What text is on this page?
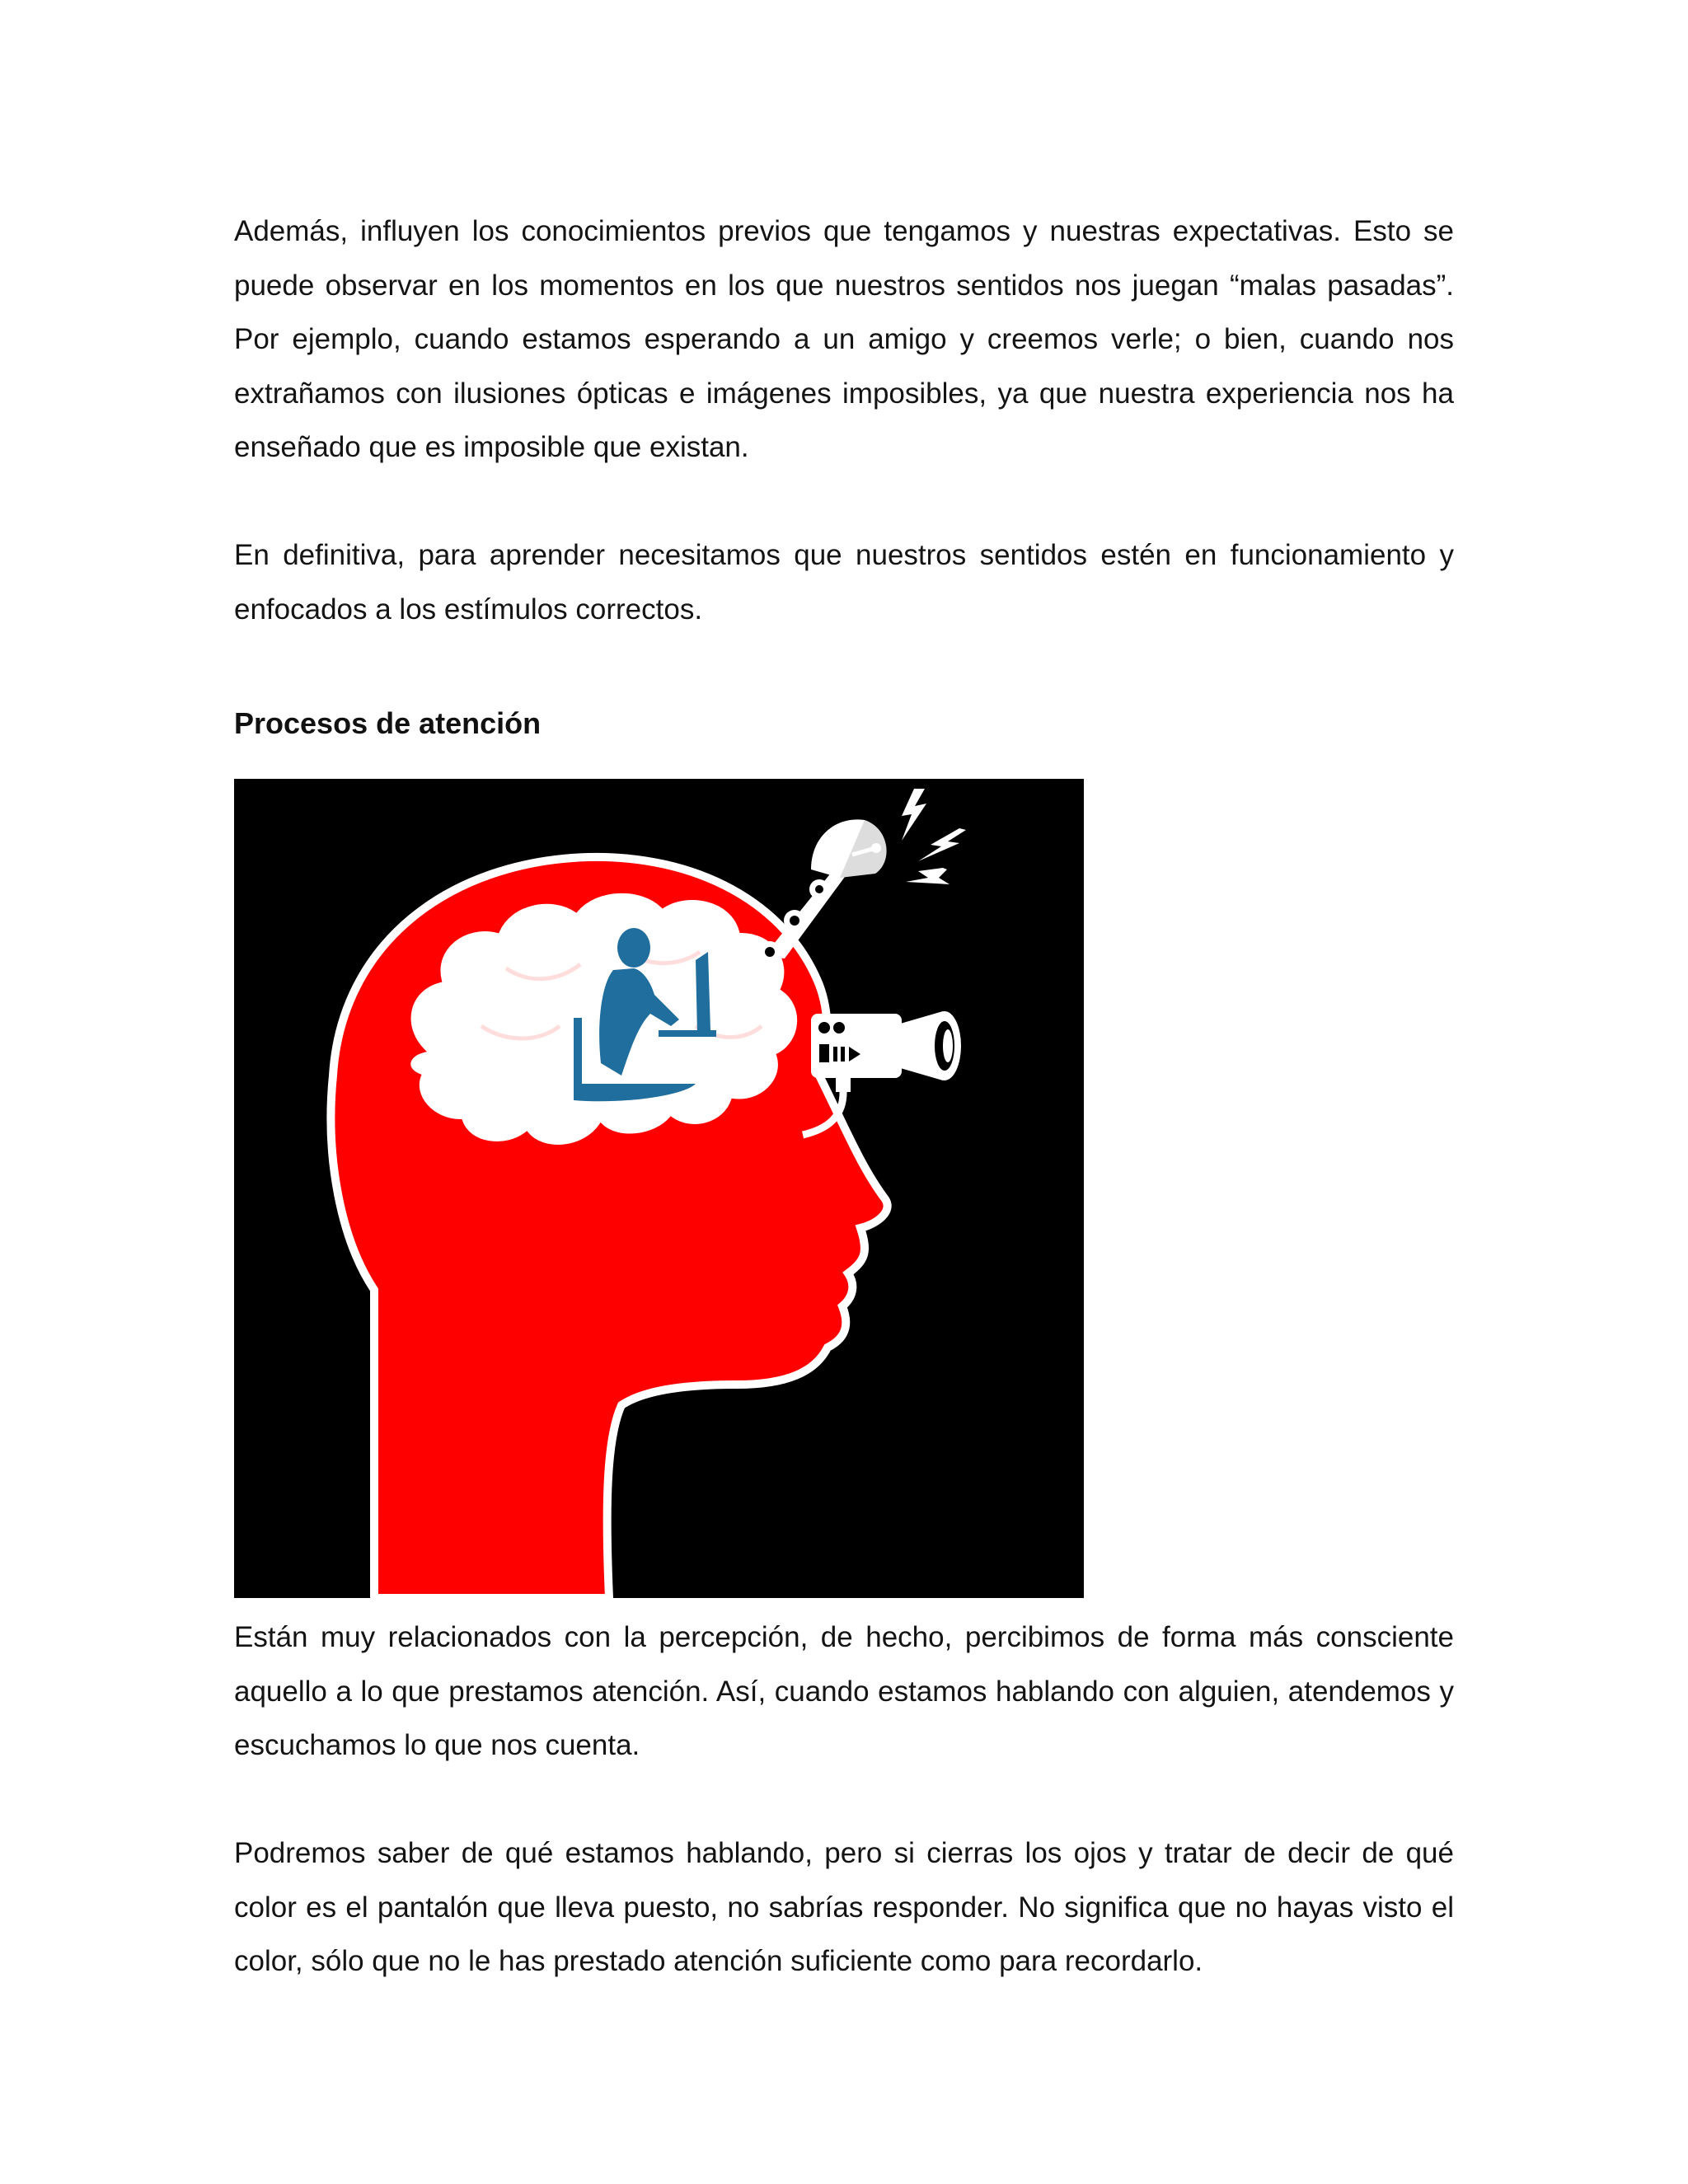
Además, influyen los conocimientos previos que tengamos y nuestras expectativas. Esto se puede observar en los momentos en los que nuestros sentidos nos juegan “malas pasadas”. Por ejemplo, cuando estamos esperando a un amigo y creemos verle; o bien, cuando nos extrañamos con ilusiones ópticas e imágenes imposibles, ya que nuestra experiencia nos ha enseñado que es imposible que existan.

En definitiva, para aprender necesitamos que nuestros sentidos estén en funcionamiento y enfocados a los estímulos correctos.

Procesos de atención

Están muy relacionados con la percepción, de hecho, percibimos de forma más consciente aquello a lo que prestamos atención. Así, cuando estamos hablando con alguien, atendemos y escuchamos lo que nos cuenta.

Podremos saber de qué estamos hablando, pero si cierras los ojos y tratar de decir de qué color es el pantalón que lleva puesto, no sabrías responder. No significa que no hayas visto el color, sólo que no le has prestado atención suficiente como para recordarlo.
